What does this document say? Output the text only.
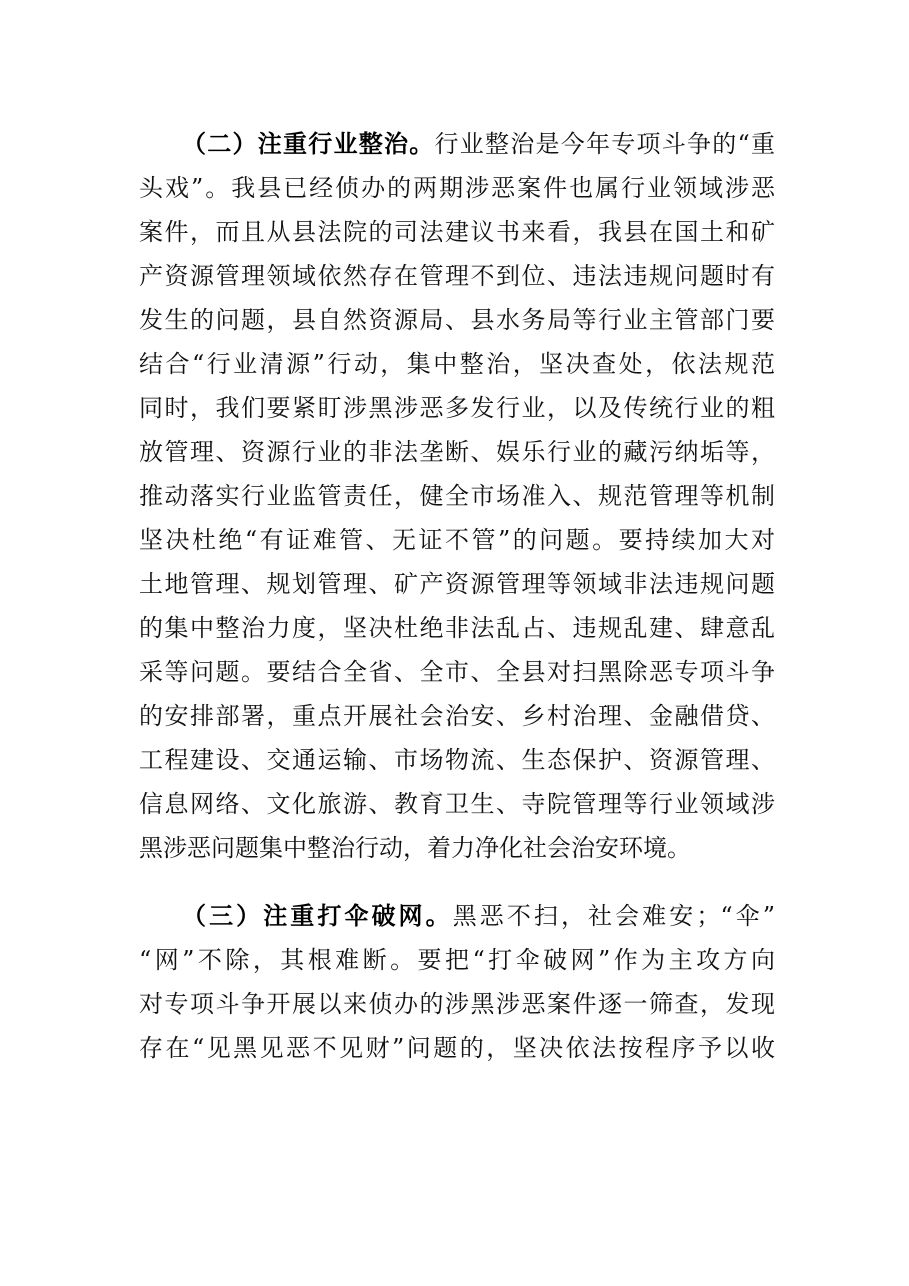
（二）注重行业整治。行业整治是今年专项斗争的“重
头戏”。我县已经侦办的两期涉恶案件也属行业领域涉恶
案件，而且从县法院的司法建议书来看，我县在国土和矿
产资源管理领域依然存在管理不到位、违法违规问题时有
发生的问题，县自然资源局、县水务局等行业主管部门要
结合“行业清源”行动，集中整治，坚决查处，依法规范
同时，我们要紧盯涉黑涉恶多发行业，以及传统行业的粗
放管理、资源行业的非法垄断、娱乐行业的藏污纳垢等，
推动落实行业监管责任，健全市场准入、规范管理等机制
坚决杜绝“有证难管、无证不管”的问题。要持续加大对
土地管理、规划管理、矿产资源管理等领域非法违规问题
的集中整治力度，坚决杜绝非法乱占、违规乱建、肆意乱
采等问题。要结合全省、全市、全县对扫黑除恶专项斗争
的安排部署，重点开展社会治安、乡村治理、金融借贷、
工程建设、交通运输、市场物流、生态保护、资源管理、
信息网络、文化旅游、教育卫生、寺院管理等行业领域涉
黑涉恶问题集中整治行动，着力净化社会治安环境。
（三）注重打伞破网。黑恶不扫，社会难安；“伞”
“网”不除，其根难断。要把“打伞破网”作为主攻方向
对专项斗争开展以来侦办的涉黑涉恶案件逐一筛查，发现
存在“见黑见恶不见财”问题的，坚决依法按程序予以收
